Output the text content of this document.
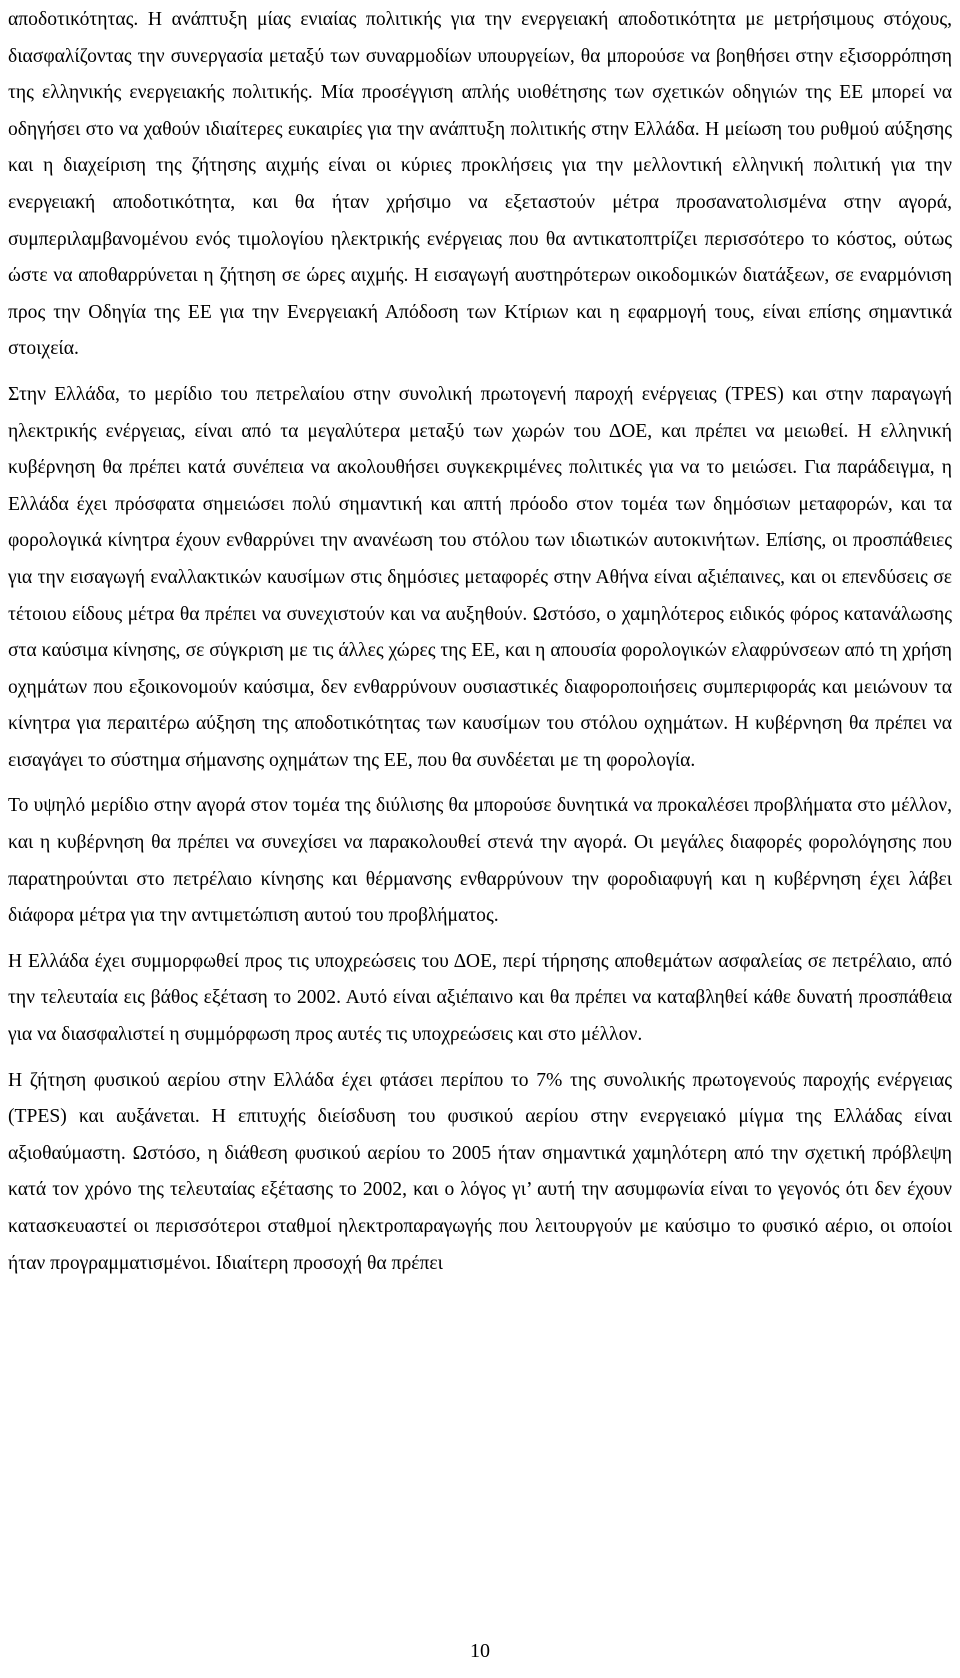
αποδοτικότητας. Η ανάπτυξη μίας ενιαίας πολιτικής για την ενεργειακή αποδοτικότητα με μετρήσιμους στόχους, διασφαλίζοντας την συνεργασία μεταξύ των συναρμοδίων υπουργείων, θα μπορούσε να βοηθήσει στην εξισορρόπηση της ελληνικής ενεργειακής πολιτικής. Μία προσέγγιση απλής υιοθέτησης των σχετικών οδηγιών της ΕΕ μπορεί να οδηγήσει στο να χαθούν ιδιαίτερες ευκαιρίες για την ανάπτυξη πολιτικής στην Ελλάδα. Η μείωση του ρυθμού αύξησης και η διαχείριση της ζήτησης αιχμής είναι οι κύριες προκλήσεις για την μελλοντική ελληνική πολιτική για την ενεργειακή αποδοτικότητα, και θα ήταν χρήσιμο να εξεταστούν μέτρα προσανατολισμένα στην αγορά, συμπεριλαμβανομένου ενός τιμολογίου ηλεκτρικής ενέργειας που θα αντικατοπτρίζει περισσότερο το κόστος, ούτως ώστε να αποθαρρύνεται η ζήτηση σε ώρες αιχμής. Η εισαγωγή αυστηρότερων οικοδομικών διατάξεων, σε εναρμόνιση προς την Οδηγία της ΕΕ για την Ενεργειακή Απόδοση των Κτίριων και η εφαρμογή τους, είναι επίσης σημαντικά στοιχεία.

Στην Ελλάδα, το μερίδιο του πετρελαίου στην συνολική πρωτογενή παροχή ενέργειας (TPES) και στην παραγωγή ηλεκτρικής ενέργειας, είναι από τα μεγαλύτερα μεταξύ των χωρών του ΔΟΕ, και πρέπει να μειωθεί. Η ελληνική κυβέρνηση θα πρέπει κατά συνέπεια να ακολουθήσει συγκεκριμένες πολιτικές για να το μειώσει. Για παράδειγμα, η Ελλάδα έχει πρόσφατα σημειώσει πολύ σημαντική και απτή πρόοδο στον τομέα των δημόσιων μεταφορών, και τα φορολογικά κίνητρα έχουν ενθαρρύνει την ανανέωση του στόλου των ιδιωτικών αυτοκινήτων. Επίσης, οι προσπάθειες για την εισαγωγή εναλλακτικών καυσίμων στις δημόσιες μεταφορές στην Αθήνα είναι αξιέπαινες, και οι επενδύσεις σε τέτοιου είδους μέτρα θα πρέπει να συνεχιστούν και να αυξηθούν. Ωστόσο, ο χαμηλότερος ειδικός φόρος κατανάλωσης στα καύσιμα κίνησης, σε σύγκριση με τις άλλες χώρες της ΕΕ, και η απουσία φορολογικών ελαφρύνσεων από τη χρήση οχημάτων που εξοικονομούν καύσιμα, δεν ενθαρρύνουν ουσιαστικές διαφοροποιήσεις συμπεριφοράς και μειώνουν τα κίνητρα για περαιτέρω αύξηση της αποδοτικότητας των καυσίμων του στόλου οχημάτων. Η κυβέρνηση θα πρέπει να εισαγάγει το σύστημα σήμανσης οχημάτων της ΕΕ, που θα συνδέεται με τη φορολογία.

Το υψηλό μερίδιο στην αγορά στον τομέα της διύλισης θα μπορούσε δυνητικά να προκαλέσει προβλήματα στο μέλλον, και η κυβέρνηση θα πρέπει να συνεχίσει να παρακολουθεί στενά την αγορά. Οι μεγάλες διαφορές φορολόγησης που παρατηρούνται στο πετρέλαιο κίνησης και θέρμανσης ενθαρρύνουν την φοροδιαφυγή και η κυβέρνηση έχει λάβει διάφορα μέτρα για την αντιμετώπιση αυτού του προβλήματος.

Η Ελλάδα έχει συμμορφωθεί προς τις υποχρεώσεις του ΔΟΕ, περί τήρησης αποθεμάτων ασφαλείας σε πετρέλαιο, από την τελευταία εις βάθος εξέταση το 2002. Αυτό είναι αξιέπαινο και θα πρέπει να καταβληθεί κάθε δυνατή προσπάθεια για να διασφαλιστεί η συμμόρφωση προς αυτές τις υποχρεώσεις και στο μέλλον.

Η ζήτηση φυσικού αερίου στην Ελλάδα έχει φτάσει περίπου το 7% της συνολικής πρωτογενούς παροχής ενέργειας (TPES) και αυξάνεται. Η επιτυχής διείσδυση του φυσικού αερίου στην ενεργειακό μίγμα της Ελλάδας είναι αξιοθαύμαστη. Ωστόσο, η διάθεση φυσικού αερίου το 2005 ήταν σημαντικά χαμηλότερη από την σχετική πρόβλεψη κατά τον χρόνο της τελευταίας εξέτασης το 2002, και ο λόγος γι’ αυτή την ασυμφωνία είναι το γεγονός ότι δεν έχουν κατασκευαστεί οι περισσότεροι σταθμοί ηλεκτροπαραγωγής που λειτουργούν με καύσιμο το φυσικό αέριο, οι οποίοι ήταν προγραμματισμένοι. Ιδιαίτερη προσοχή θα πρέπει

10
